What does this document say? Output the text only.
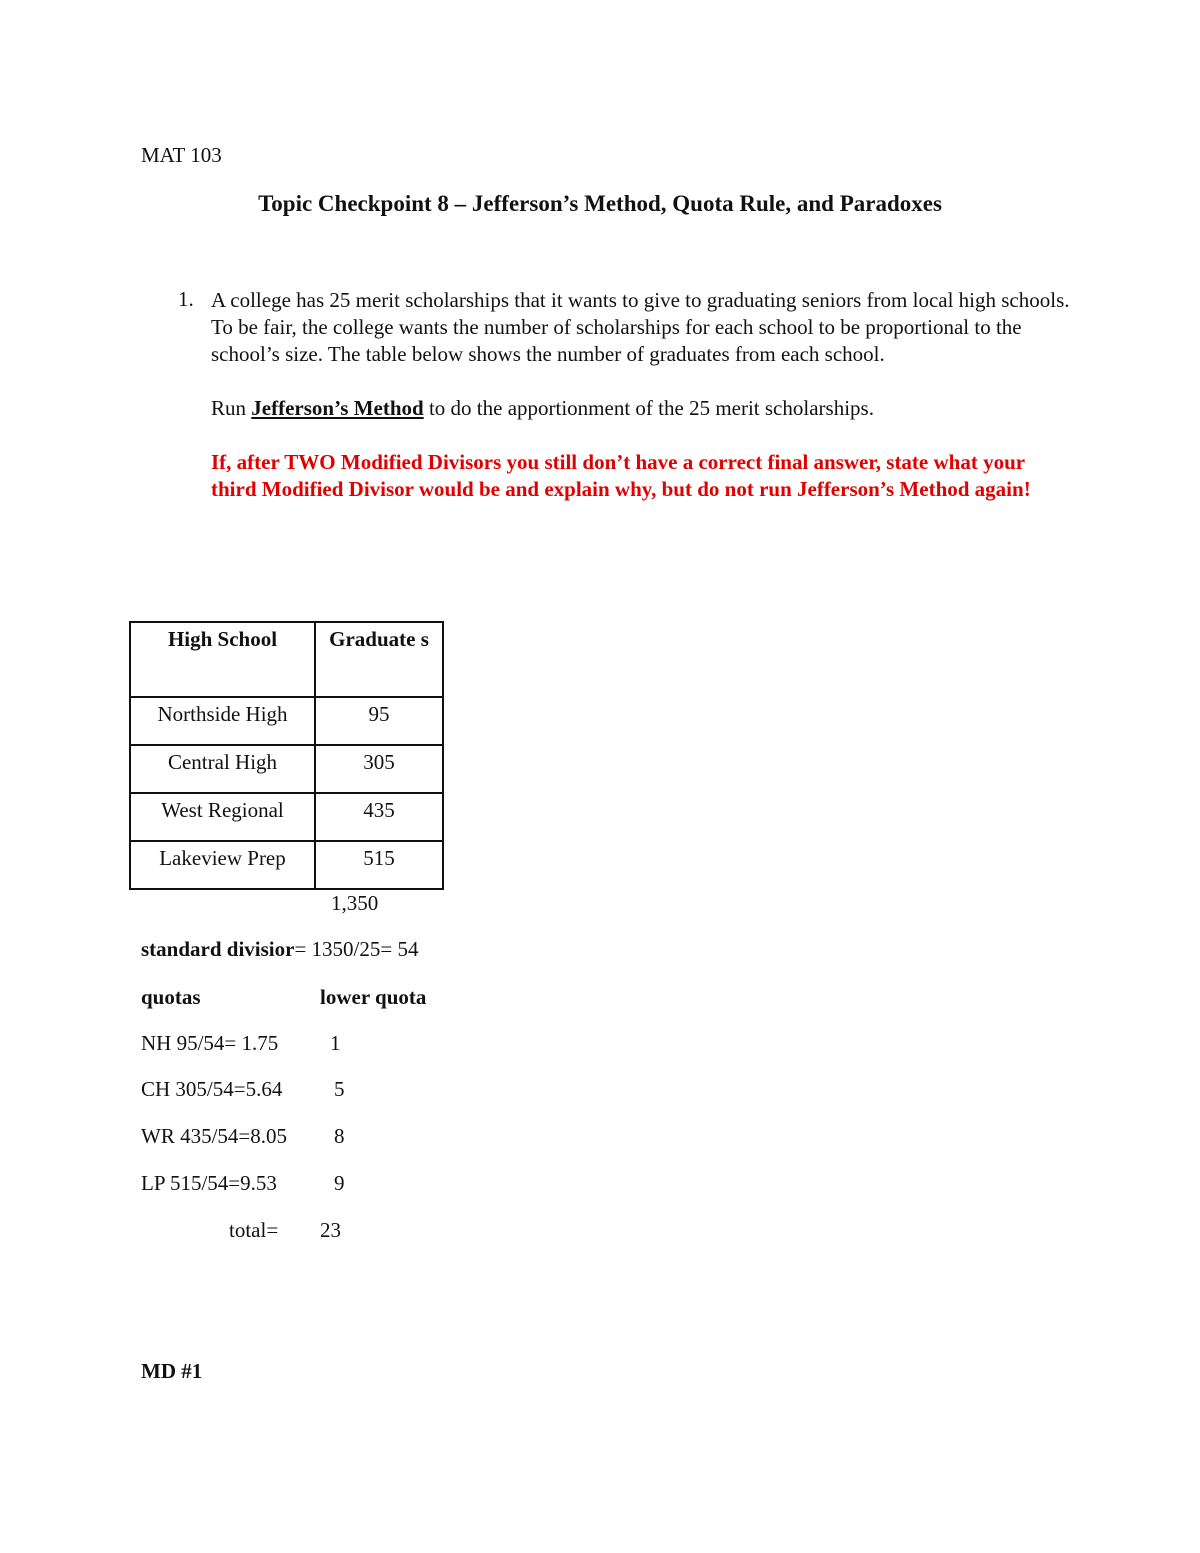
MAT 103
Topic Checkpoint 8 – Jefferson’s Method, Quota Rule, and Paradoxes
1. A college has 25 merit scholarships that it wants to give to graduating seniors from local high schools. To be fair, the college wants the number of scholarships for each school to be proportional to the school’s size. The table below shows the number of graduates from each school.

Run Jefferson’s Method to do the apportionment of the 25 merit scholarships.

If, after TWO Modified Divisors you still don’t have a correct final answer, state what your third Modified Divisor would be and explain why, but do not run Jefferson’s Method again!

High School	Graduate s
Northside High	95
Central High	305
West Regional	435
Lakeview Prep	515
1,350
standard divisior= 1350/25= 54
quotas	lower quota
NH 95/54= 1.75 1
CH 305/54=5.64 5
WR 435/54=8.05 8
LP 515/54=9.53	9
total= 23
MD #1
